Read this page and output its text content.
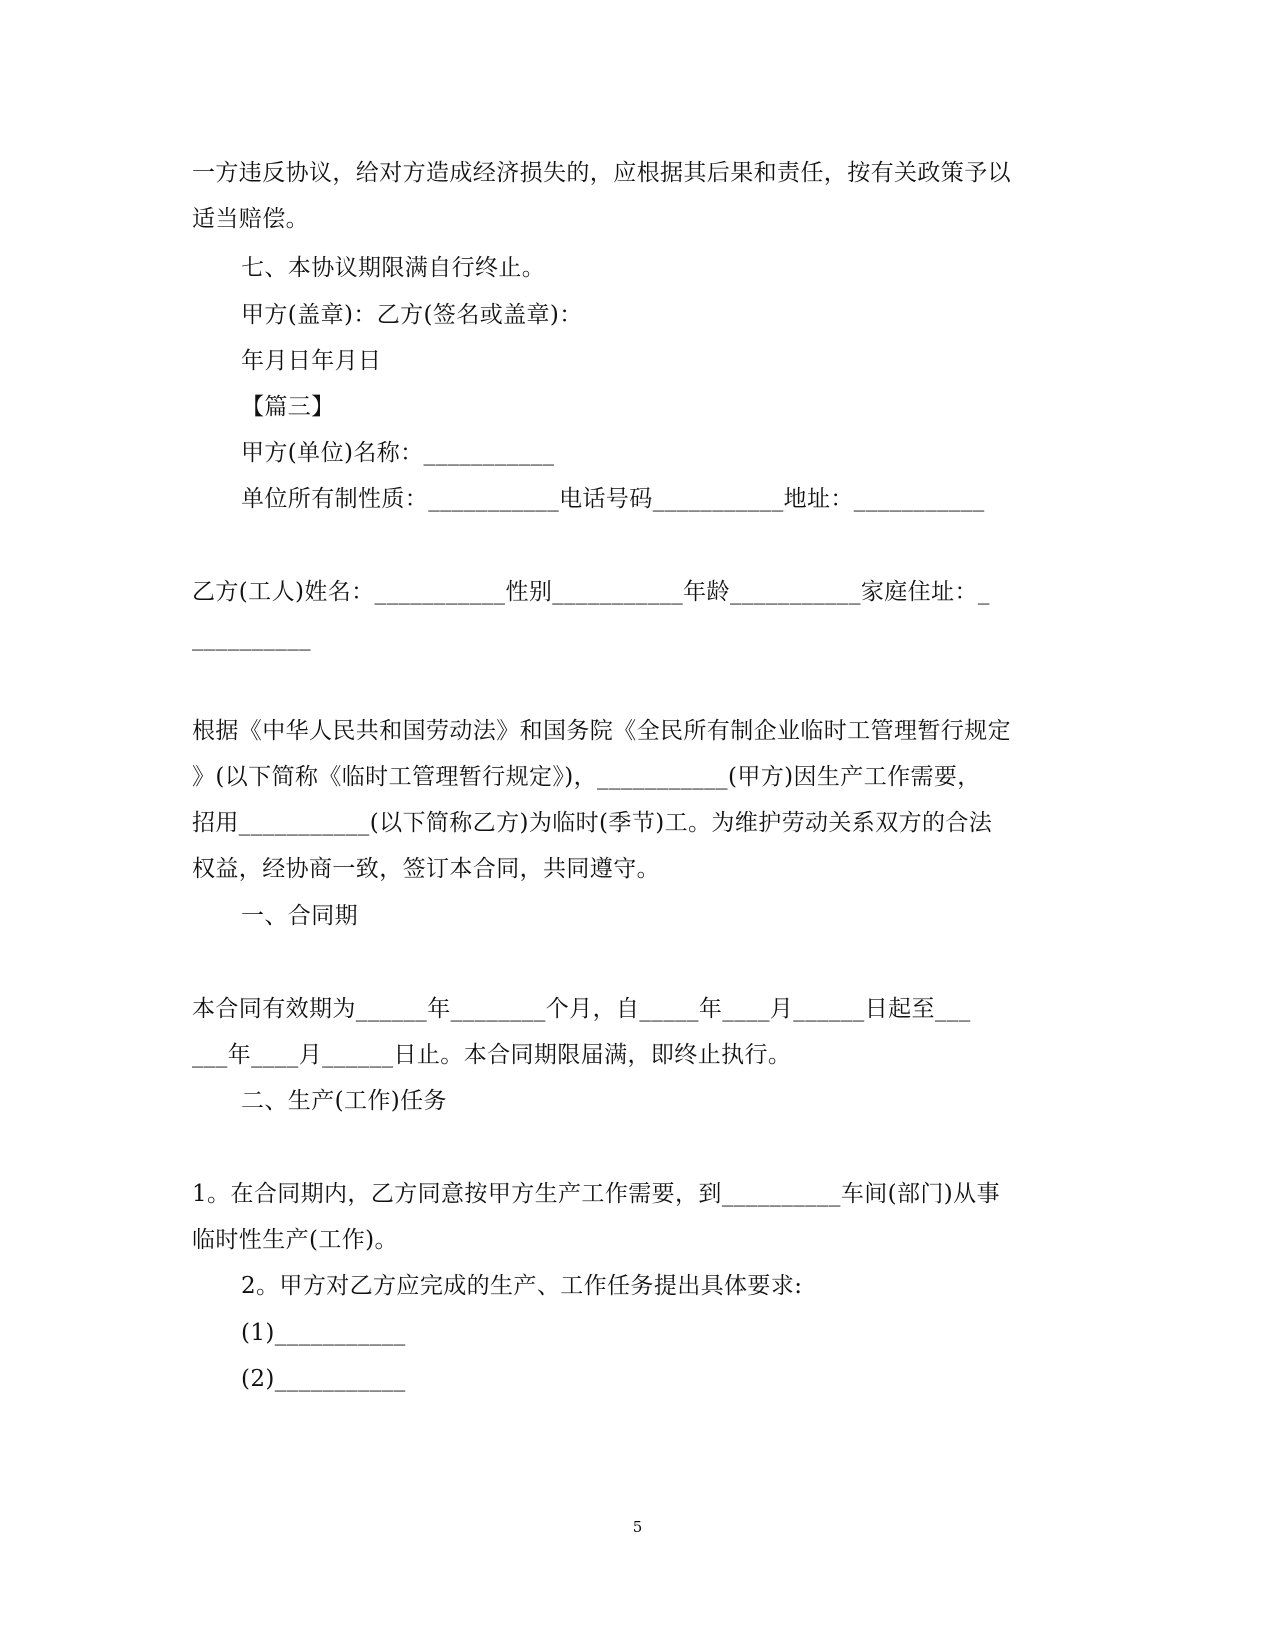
一方违反协议，给对方造成经济损失的，应根据其后果和责任，按有关政策予以
适当赔偿。
七、本协议期限满自行终止。
甲方(盖章)：乙方(签名或盖章)：
年月日年月日
【篇三】
甲方(单位)名称：___________
单位所有制性质：___________电话号码___________地址：___________
乙方(工人)姓名：___________性别___________年龄___________家庭住址：_
__________
根据《中华人民共和国劳动法》和国务院《全民所有制企业临时工管理暂行规定
》(以下简称《临时工管理暂行规定》)，___________(甲方)因生产工作需要，
招用___________(以下简称乙方)为临时(季节)工。为维护劳动关系双方的合法
权益，经协商一致，签订本合同，共同遵守。
一、合同期
本合同有效期为______年________个月，自_____年____月______日起至___
___年____月______日止。本合同期限届满，即终止执行。
二、生产(工作)任务
1。在合同期内，乙方同意按甲方生产工作需要，到__________车间(部门)从事
临时性生产(工作)。
2。甲方对乙方应完成的生产、工作任务提出具体要求:
(1)___________
(2)___________
5
